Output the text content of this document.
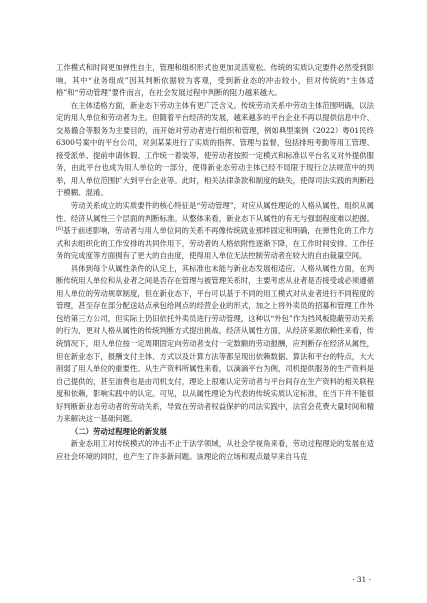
工作模式和时间更加弹性自主，管理和组织形式也更加灵活宽松。传统的实质认定要件必然受到影响，其中“业务组成”因其判断依据较为客观，受到新业态的冲击较小，但对传统的“主体适格”和“劳动管理”要件而言，在社会发展过程中判断的阻力越来越大。

在主体适格方面，新业态下劳动主体有更广泛含义。传统劳动关系中劳动主体范围明确，以法定的用人单位和劳动者为主。但随着平台经济的发展，越来越多的平台企业不再以提供信息中介、交易撮合等服务为主要目的，而开始对劳动者进行组织和管理，例如典型案例（2022）粤01民终6300号案中的平台公司，对剑某某进行了实质的指挥、管理与监督，包括排班考勤等用工管理、接受派单、提前申请休假、工作统一着装等，使劳动者按照一定模式和标准以平台名义对外提供服务，由此平台也成为用人单位的一部分，使得新业态劳动主体已经不局限于现行立法规范中的列举，用人单位范围扩大到平台企业等。此时，相关法律条款和制度的缺失，使得司法实践的判断趋于模糊、混淆。

劳动关系成立的实质要件的核心特征是“劳动管理”，对应从属性理论的人格从属性、组织从属性、经济从属性三个层面的判断标准。从整体来看，新业态下从属性的有无与强弱程度难以把握。[6]基于前述影响，劳动者与用人单位间的关系不再像传统就业那样固定和明确，在弹性化的工作方式和去组织化的工作安排的共同作用下，劳动者的人格依附性逐渐下降，在工作时间安排、工作任务的完成度等方面拥有了更大的自由度，使得用人单位无法控制劳动者在较大的自由裁量空间。

具体到每个从属性条件的认定上，其标准也未能与新业态发展相适应。人格从属性方面，在判断传统用人单位和从业者之间是否存在管理与被管理关系时，主要考虑从业者是否接受或必须遵循用人单位的劳动规章制度，但在新业态下，平台可以基于不同的用工模式对从业者进行不同程度的管理，甚至存在部分配送站点承包给网点的经营企业的形式，加之上将外卖员的招募和管理工作外包给第三方公司，但实际上仍旧依托外卖员进行劳动管理，这种以“外包”作为挡风板隐蔽劳动关系的行为，更对人格从属性的传统判断方式提出挑战。经济从属性方面，从经济来源依赖性来看，传统情况下，用人单位按一定周期固定向劳动者支付一定数额的劳动报酬，应判断存在经济从属性，但在新业态下，报酬支付主体、方式以及计算方法等都呈现出依赖数据、算法和平台的特点，大大削弱了用人单位的重要性。从生产资料所属性来看，以滴滴平台为例，司机提供服务的生产资料是自己提供的，甚至油费也是由司机支付，理论上很难认定劳动者与平台间存在生产资料的相关联程度和依赖，影响实践中的认定。可见，以从属性理论为代表的传统实质认定标准，在当下并不能很好判断新业态劳动者的劳动关系，导致在劳动者权益保护的司法实践中，法官会花费大量时间和精力来解决这一基础问题。

（二）劳动过程理论的新发展

新业态用工对传统模式的冲击不止于法学领域，从社会学视角来看，劳动过程理论的发展在适应社会环境的同时，也产生了许多新问题。该理论的立场和观点最早来自马克

· 31 ·
